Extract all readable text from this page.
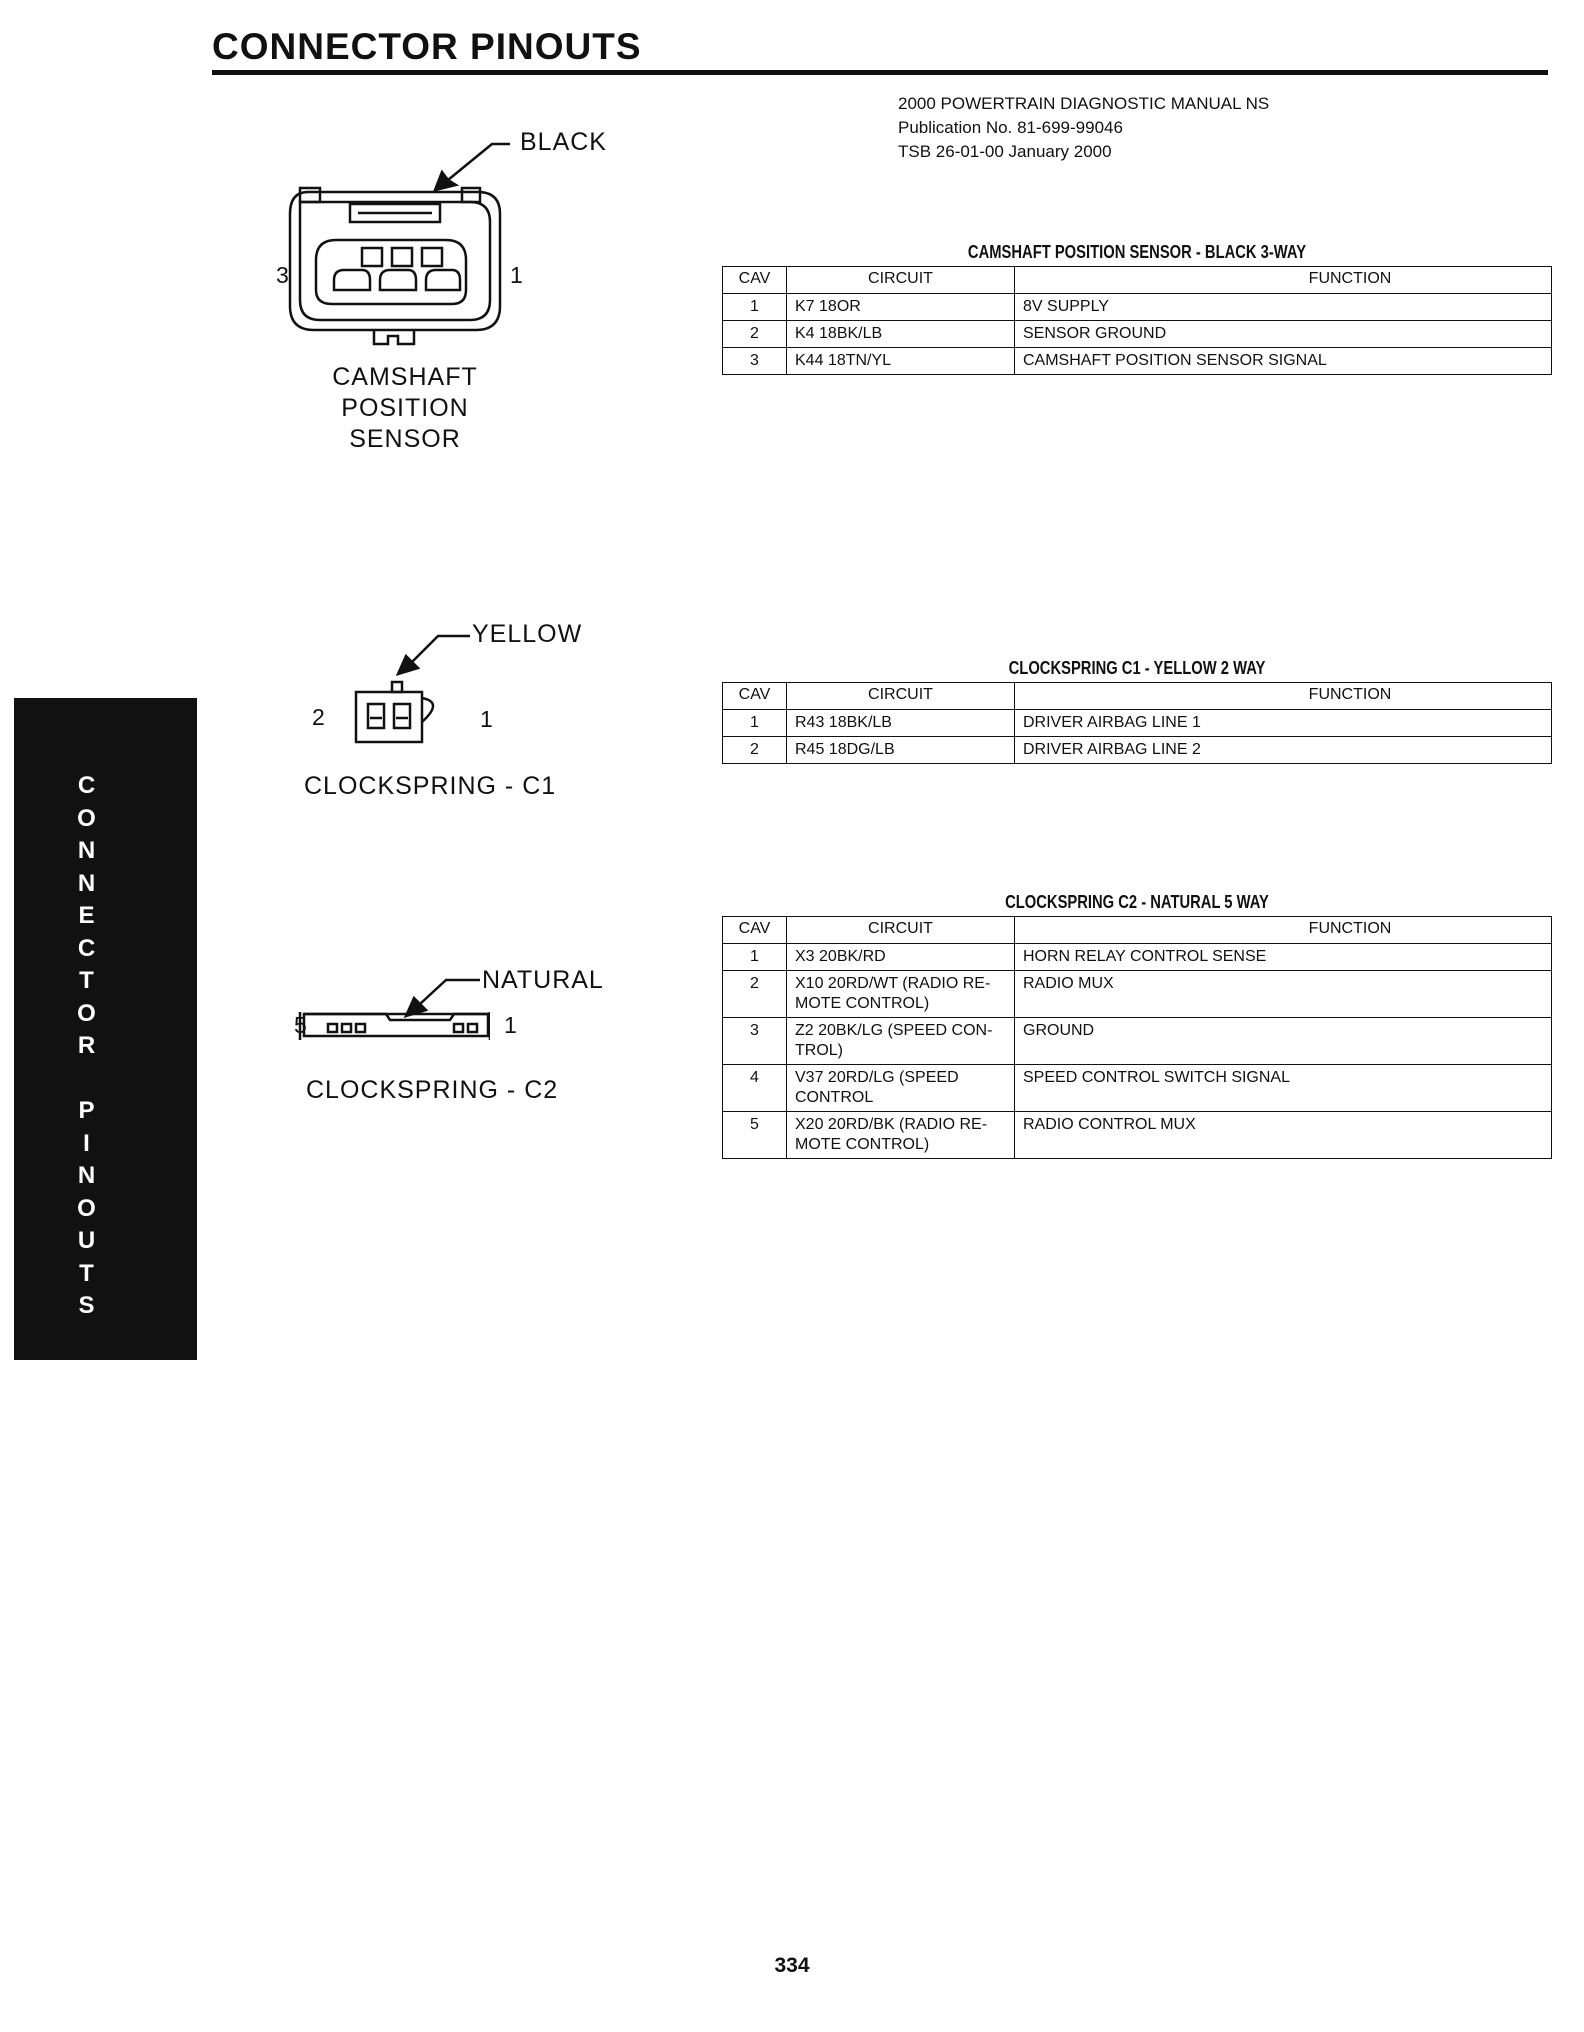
CONNECTOR PINOUTS
2000 POWERTRAIN DIAGNOSTIC MANUAL NS
Publication No. 81-699-99046
TSB 26-01-00 January 2000
C
O
N
N
E
C
T
O
R
P
I
N
O
U
T
S
BLACK
3	1
CAMSHAFT
POSITION
SENSOR
YELLOW
2	1
CLOCKSPRING - C1
NATURAL
5	1
CLOCKSPRING - C2
CAMSHAFT POSITION SENSOR - BLACK 3-WAY
CAV	CIRCUIT	FUNCTION
1	K7 18OR	8V SUPPLY
2	K4 18BK/LB	SENSOR GROUND
3	K44 18TN/YL	CAMSHAFT POSITION SENSOR SIGNAL
CLOCKSPRING C1 - YELLOW 2 WAY
CAV	CIRCUIT	FUNCTION
1	R43 18BK/LB	DRIVER AIRBAG LINE 1
2	R45 18DG/LB	DRIVER AIRBAG LINE 2
CLOCKSPRING C2 - NATURAL 5 WAY
CAV	CIRCUIT	FUNCTION
1	X3 20BK/RD	HORN RELAY CONTROL SENSE
2	X10 20RD/WT (RADIO RE- MOTE CONTROL)	RADIO MUX
3	Z2 20BK/LG (SPEED CON- TROL)	GROUND
4	V37 20RD/LG (SPEED CONTROL	SPEED CONTROL SWITCH SIGNAL
5	X20 20RD/BK (RADIO RE- MOTE CONTROL)	RADIO CONTROL MUX
334
